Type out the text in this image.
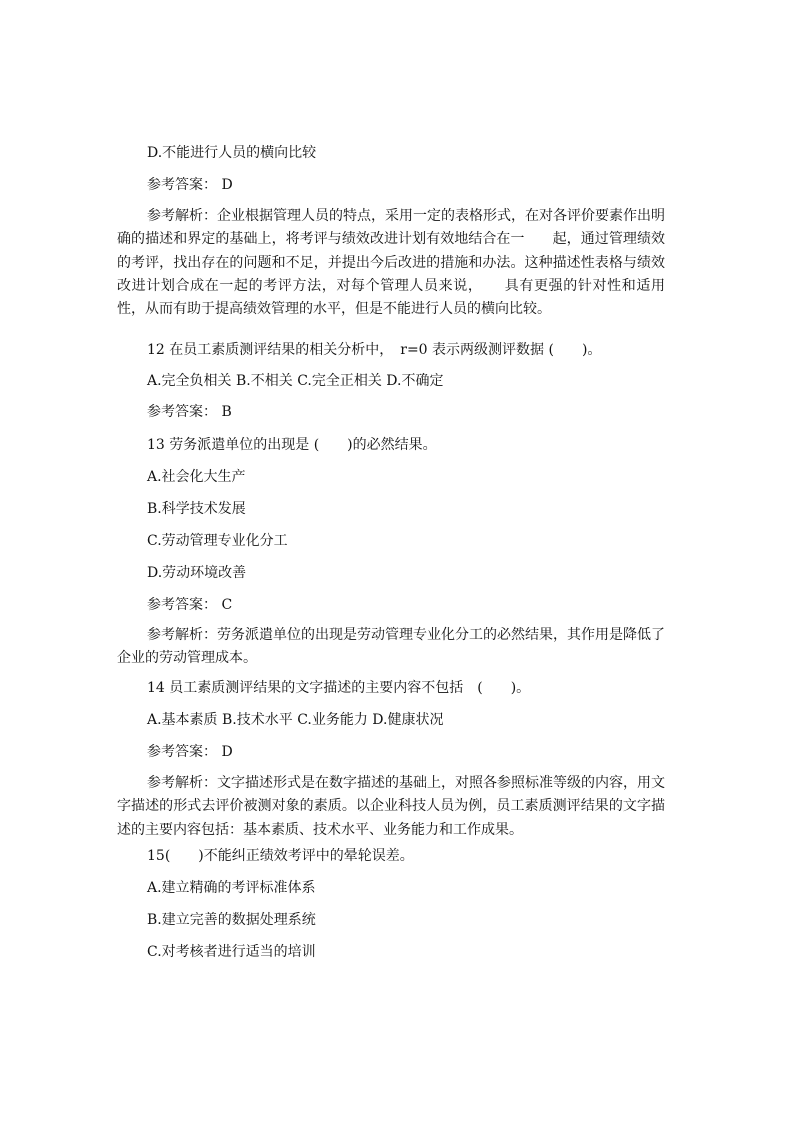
D.不能进行人员的横向比较
参考答案： D

参考解析：企业根据管理人员的特点，采用一定的表格形式，在对各评价要素作出明确的描述和界定的基础上，将考评与绩效改进计划有效地结合在一　　起，通过管理绩效的考评，找出存在的问题和不足，并提出今后改进的措施和办法。这种描述性表格与绩效改进计划合成在一起的考评方法，对每个管理人员来说，　　具有更强的针对性和适用性，从而有助于提高绩效管理的水平，但是不能进行人员的横向比较。

12 在员工素质测评结果的相关分析中，　r=0 表示两级测评数据 (　　)。
A.完全负相关 B.不相关 C.完全正相关 D.不确定
参考答案： B
13 劳务派遣单位的出现是 (　　)的必然结果。
A.社会化大生产
B.科学技术发展
C.劳动管理专业化分工
D.劳动环境改善
参考答案： C

参考解析：劳务派遣单位的出现是劳动管理专业化分工的必然结果，其作用是降低了企业的劳动管理成本。

14 员工素质测评结果的文字描述的主要内容不包括　(　　)。
A.基本素质 B.技术水平 C.业务能力 D.健康状况
参考答案： D

参考解析：文字描述形式是在数字描述的基础上，对照各参照标准等级的内容，用文字描述的形式去评价被测对象的素质。以企业科技人员为例，员工素质测评结果的文字描述的主要内容包括：基本素质、技术水平、业务能力和工作成果。

15(　　)不能纠正绩效考评中的晕轮误差。
A.建立精确的考评标准体系
B.建立完善的数据处理系统
C.对考核者进行适当的培训
